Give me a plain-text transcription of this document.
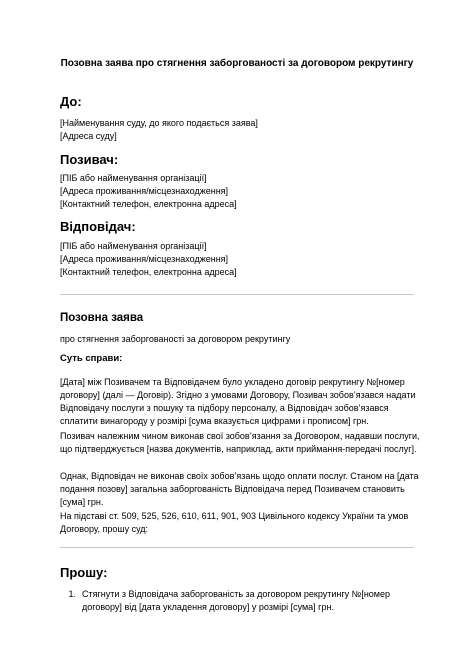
Позовна заява про стягнення заборгованості за договором рекрутингу
До:
[Найменування суду, до якого подається заява]
[Адреса суду]
Позивач:
[ПІБ або найменування організації]
[Адреса проживання/місцезнаходження]
[Контактний телефон, електронна адреса]
Відповідач:
[ПІБ або найменування організації]
[Адреса проживання/місцезнаходження]
[Контактний телефон, електронна адреса]
Позовна заява
про стягнення заборгованості за договором рекрутингу
Суть справи:
[Дата] між Позивачем та Відповідачем було укладено договір рекрутингу №[номер договору] (далі — Договір). Згідно з умовами Договору, Позивач зобов’язався надати Відповідачу послуги з пошуку та підбору персоналу, а Відповідач зобов’язався сплатити винагороду у розмірі [сума вказується цифрами і прописом] грн.
Позивач належним чином виконав свої зобов’язання за Договором, надавши послуги, що підтверджується [назва документів, наприклад, акти приймання-передачі послуг].
Однак, Відповідач не виконав своїх зобов’язань щодо оплати послуг. Станом на [дата подання позову] загальна заборгованість Відповідача перед Позивачем становить [сума] грн.
На підставі ст. 509, 525, 526, 610, 611, 901, 903 Цивільного кодексу України та умов Договору, прошу суд:
Прошу:
1. Стягнути з Відповідача заборгованість за договором рекрутингу №[номер договору] від [дата укладення договору] у розмірі [сума] грн.
